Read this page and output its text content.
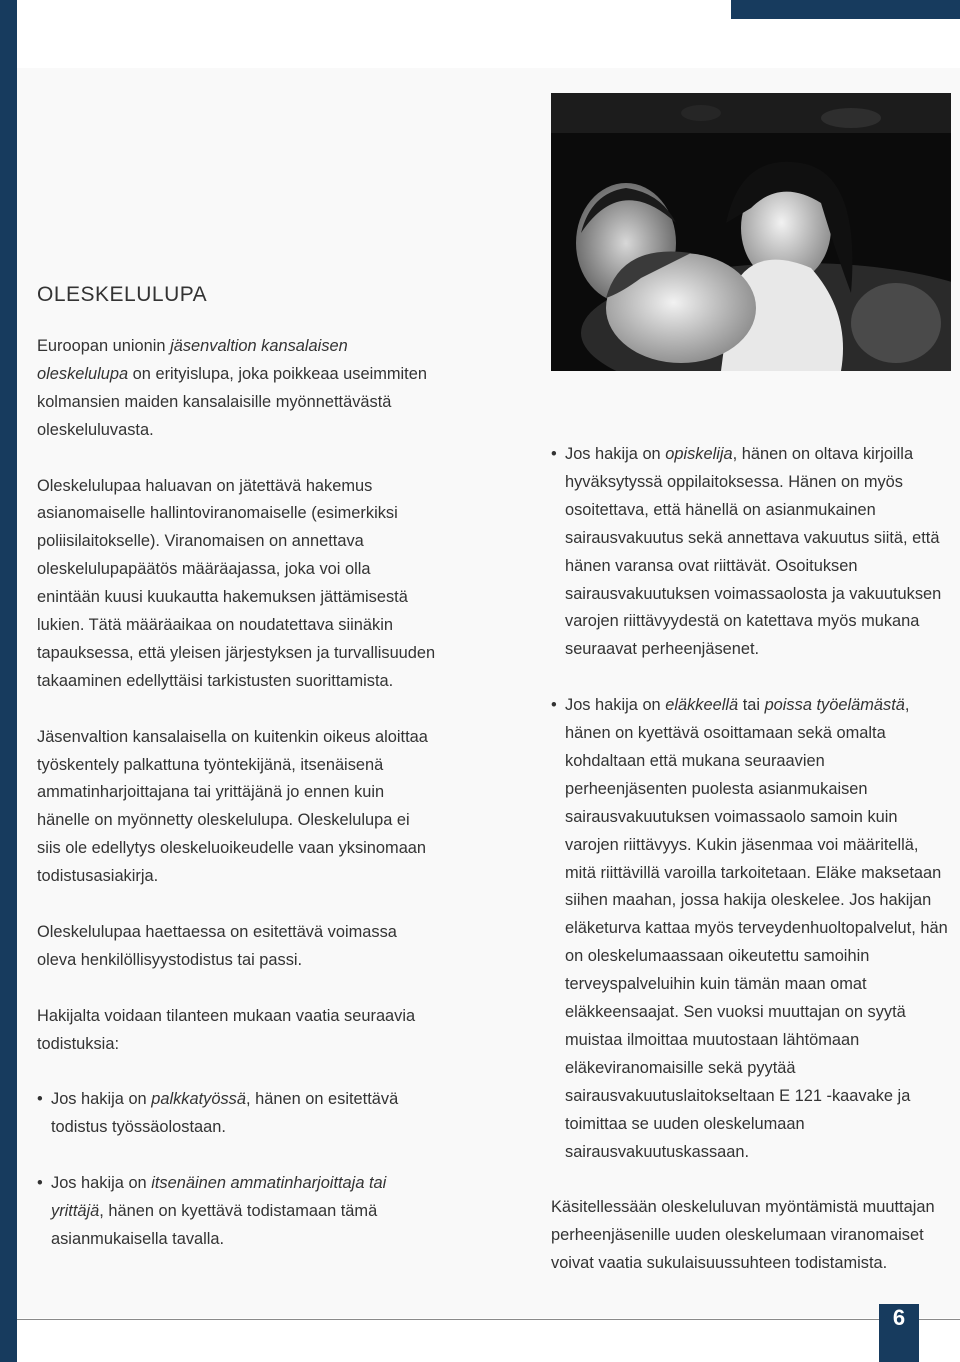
OLESKELULUPA

Euroopan unionin jäsenvaltion kansalaisen oleskelulupa on erityislupa, joka poikkeaa useimmiten kolmansien maiden kansalaisille myönnettävästä oleskeluluvasta.

Oleskelulupaa haluavan on jätettävä hakemus asianomaiselle hallintoviranomaiselle (esimerkiksi poliisilaitokselle). Viranomaisen on annettava oleskelulupapäätös määräajassa, joka voi olla enintään kuusi kuukautta hakemuksen jättämisestä lukien. Tätä määräaikaa on noudatettava siinäkin tapauksessa, että yleisen järjestyksen ja turvallisuuden takaaminen edellyttäisi tarkistusten suorittamista.

Jäsenvaltion kansalaisella on kuitenkin oikeus aloittaa työskentely palkattuna työntekijänä, itsenäisenä ammatinharjoittajana tai yrittäjänä jo ennen kuin hänelle on myönnetty oleskelulupa. Oleskelulupa ei siis ole edellytys oleskeluoikeudelle vaan yksinomaan todistusasiakirja.

Oleskelulupaa haettaessa on esitettävä voimassa oleva henkilöllisyystodistus tai passi.

Hakijalta voidaan tilanteen mukaan vaatia seuraavia todistuksia:

• Jos hakija on palkkatyössä, hänen on esitettävä todistus työssäolostaan.

• Jos hakija on itsenäinen ammatinharjoittaja tai yrittäjä, hänen on kyettävä todistamaan tämä asianmukaisella tavalla.

• Jos hakija on opiskelija, hänen on oltava kirjoilla hyväksytyssä oppilaitoksessa. Hänen on myös osoitettava, että hänellä on asianmukainen sairausvakuutus sekä annettava vakuutus siitä, että hänen varansa ovat riittävät. Osoituksen sairausvakuutuksen voimassaolosta ja vakuutuksen varojen riittävyydestä on katettava myös mukana seuraavat perheenjäsenet.

• Jos hakija on eläkkeellä tai poissa työelämästä, hänen on kyettävä osoittamaan sekä omalta kohdaltaan että mukana seuraavien perheenjäsenten puolesta asianmukaisen sairausvakuutuksen voimassaolo samoin kuin varojen riittävyys. Kukin jäsenmaa voi määritellä, mitä riittävillä varoilla tarkoitetaan. Eläke maksetaan siihen maahan, jossa hakija oleskelee. Jos hakijan eläketurva kattaa myös terveydenhuoltopalvelut, hän on oleskelumaassaan oikeutettu samoihin terveyspalveluihin kuin tämän maan omat eläkkeensaajat. Sen vuoksi muuttajan on syytä muistaa ilmoittaa muutostaan lähtömaan eläkeviranomaisille sekä pyytää sairausvakuutuslaitokseltaan E 121 -kaavake ja toimittaa se uuden oleskelumaan sairausvakuutuskassaan.

Käsitellessään oleskeluluvan myöntämistä muuttajan perheenjäsenille uuden oleskelumaan viranomaiset voivat vaatia sukulaisuussuhteen todistamista.

6
